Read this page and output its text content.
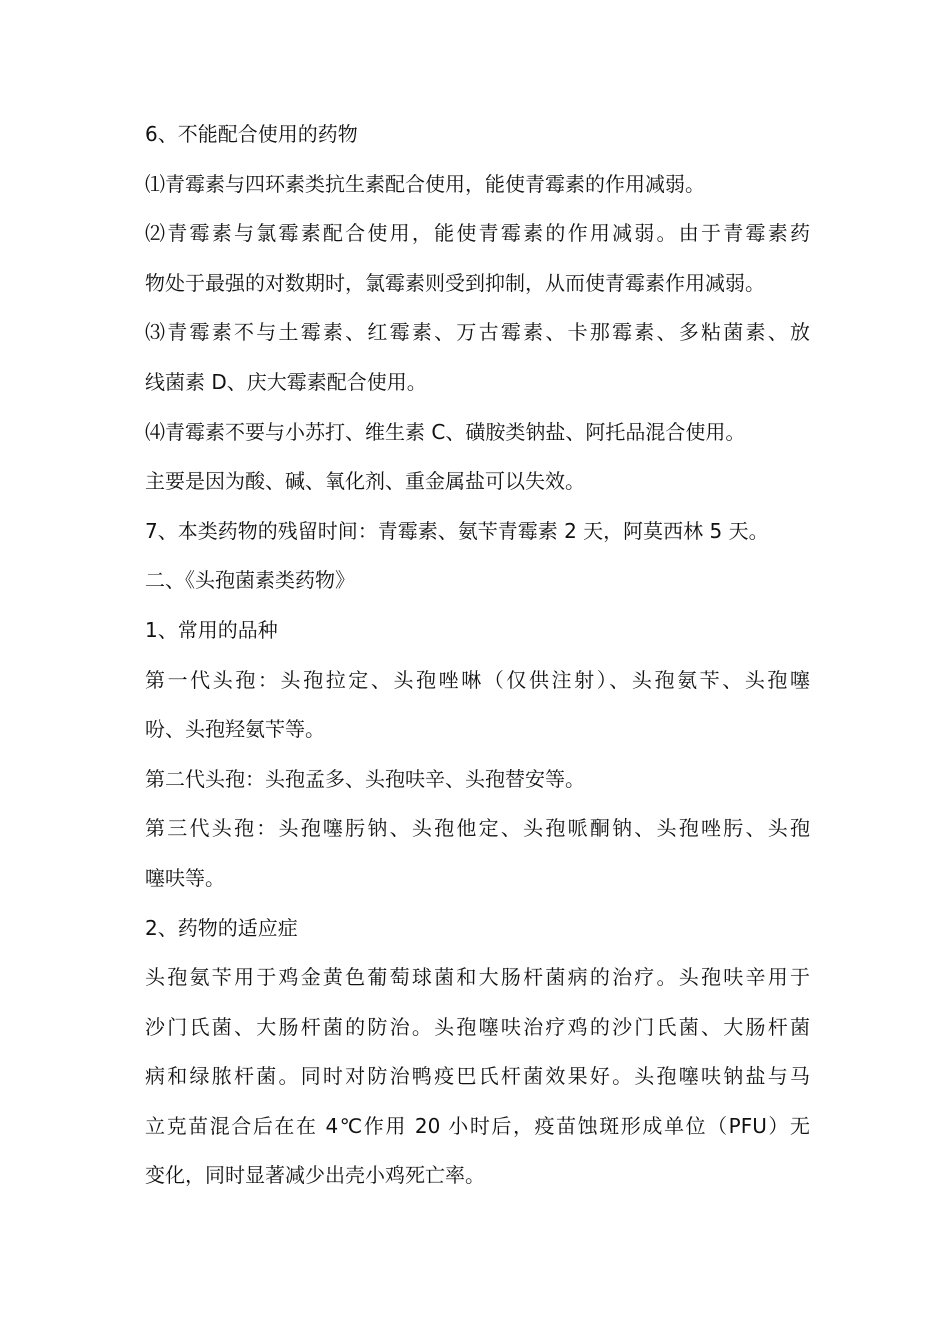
6、不能配合使用的药物
⑴青霉素与四环素类抗生素配合使用，能使青霉素的作用减弱。
⑵青霉素与氯霉素配合使用，能使青霉素的作用减弱。由于青霉素药
物处于最强的对数期时，氯霉素则受到抑制，从而使青霉素作用减弱。
⑶青霉素不与土霉素、红霉素、万古霉素、卡那霉素、多粘菌素、放
线菌素 D、庆大霉素配合使用。
⑷青霉素不要与小苏打、维生素 C、磺胺类钠盐、阿托品混合使用。
主要是因为酸、碱、氧化剂、重金属盐可以失效。
7、本类药物的残留时间：青霉素、氨苄青霉素 2 天，阿莫西林 5 天。
二、《头孢菌素类药物》
1、常用的品种
第一代头孢：头孢拉定、头孢唑啉（仅供注射）、头孢氨苄、头孢噻
吩、头孢羟氨苄等。
第二代头孢：头孢孟多、头孢呋辛、头孢替安等。
第三代头孢：头孢噻肟钠、头孢他定、头孢哌酮钠、头孢唑肟、头孢
噻呋等。
2、药物的适应症
头孢氨苄用于鸡金黄色葡萄球菌和大肠杆菌病的治疗。头孢呋辛用于
沙门氏菌、大肠杆菌的防治。头孢噻呋治疗鸡的沙门氏菌、大肠杆菌
病和绿脓杆菌。同时对防治鸭疫巴氏杆菌效果好。头孢噻呋钠盐与马
立克苗混合后在在 4℃作用 20 小时后，疫苗蚀斑形成单位（PFU）无
变化，同时显著减少出壳小鸡死亡率。
